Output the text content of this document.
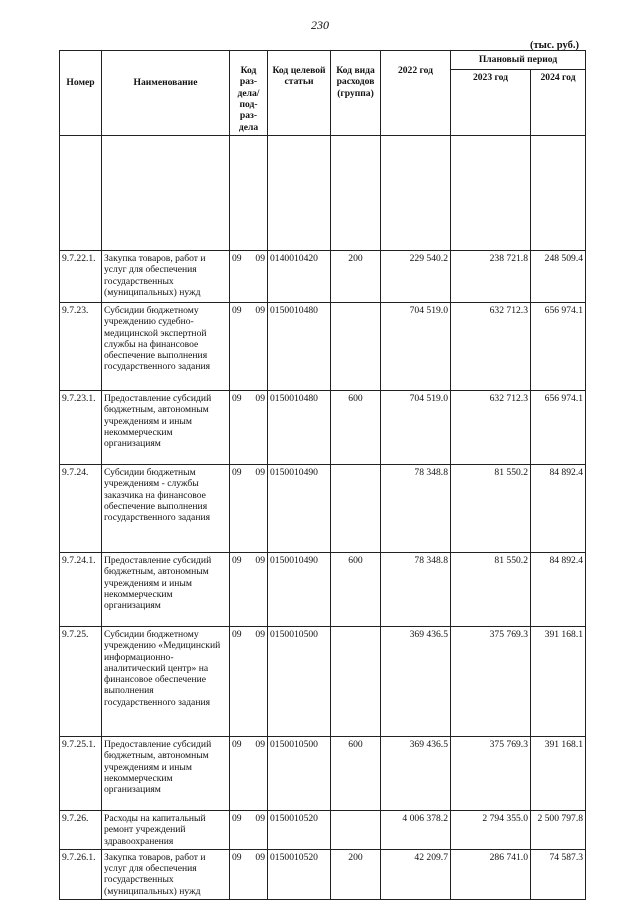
230
(тыс. руб.)
Номер	Наименование	Код раз-дела/ под-раз-дела	Код целевой статьи	Код вида расходов (группа)	2022 год	Плановый период	
						2023 год	2024 год

9.7.22.1.	Закупка товаров, работ и услуг для обеспечения государственных (муниципальных) нужд	09 09	0140010420	200	229 540.2	238 721.8	248 509.4
9.7.23.	Субсидии бюджетному учреждению судебно-медицинской экспертной службы на финансовое обеспечение выполнения государственного задания	09 09	0150010480		704 519.0	632 712.3	656 974.1
9.7.23.1.	Предоставление субсидий бюджетным, автономным учреждениям и иным некоммерческим организациям	09 09	0150010480	600	704 519.0	632 712.3	656 974.1
9.7.24.	Субсидии бюджетным учреждениям - службы заказчика на финансовое обеспечение выполнения государственного задания	09 09	0150010490		78 348.8	81 550.2	84 892.4
9.7.24.1.	Предоставление субсидий бюджетным, автономным учреждениям и иным некоммерческим организациям	09 09	0150010490	600	78 348.8	81 550.2	84 892.4
9.7.25.	Субсидии бюджетному учреждению «Медицинский информационно-аналитический центр» на финансовое обеспечение выполнения государственного задания	09 09	0150010500		369 436.5	375 769.3	391 168.1
9.7.25.1.	Предоставление субсидий бюджетным, автономным учреждениям и иным некоммерческим организациям	09 09	0150010500	600	369 436.5	375 769.3	391 168.1
9.7.26.	Расходы на капитальный ремонт учреждений здравоохранения	09 09	0150010520		4 006 378.2	2 794 355.0	2 500 797.8
9.7.26.1.	Закупка товаров, работ и услуг для обеспечения государственных (муниципальных) нужд	09 09	0150010520	200	42 209.7	286 741.0	74 587.3
